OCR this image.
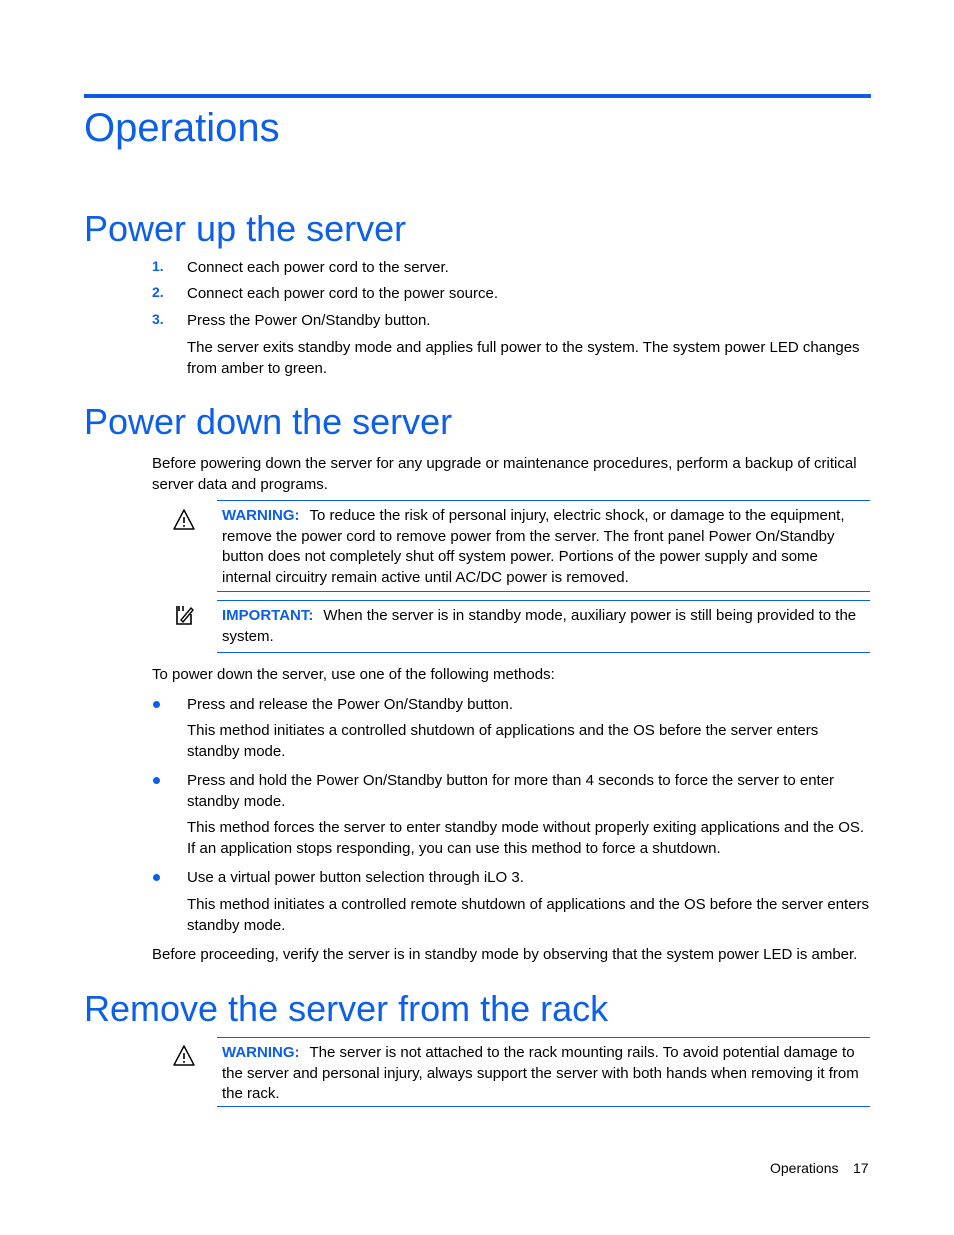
Operations
Power up the server
1.	Connect each power cord to the server.
2.	Connect each power cord to the power source.
3.	Press the Power On/Standby button.
The server exits standby mode and applies full power to the system. The system power LED changes from amber to green.
Power down the server
Before powering down the server for any upgrade or maintenance procedures, perform a backup of critical server data and programs.
WARNING: To reduce the risk of personal injury, electric shock, or damage to the equipment, remove the power cord to remove power from the server. The front panel Power On/Standby button does not completely shut off system power. Portions of the power supply and some internal circuitry remain active until AC/DC power is removed.
IMPORTANT: When the server is in standby mode, auxiliary power is still being provided to the system.
To power down the server, use one of the following methods:
Press and release the Power On/Standby button.
This method initiates a controlled shutdown of applications and the OS before the server enters standby mode.
Press and hold the Power On/Standby button for more than 4 seconds to force the server to enter standby mode.
This method forces the server to enter standby mode without properly exiting applications and the OS. If an application stops responding, you can use this method to force a shutdown.
Use a virtual power button selection through iLO 3.
This method initiates a controlled remote shutdown of applications and the OS before the server enters standby mode.
Before proceeding, verify the server is in standby mode by observing that the system power LED is amber.
Remove the server from the rack
WARNING: The server is not attached to the rack mounting rails. To avoid potential damage to the server and personal injury, always support the server with both hands when removing it from the rack.
Operations 17
